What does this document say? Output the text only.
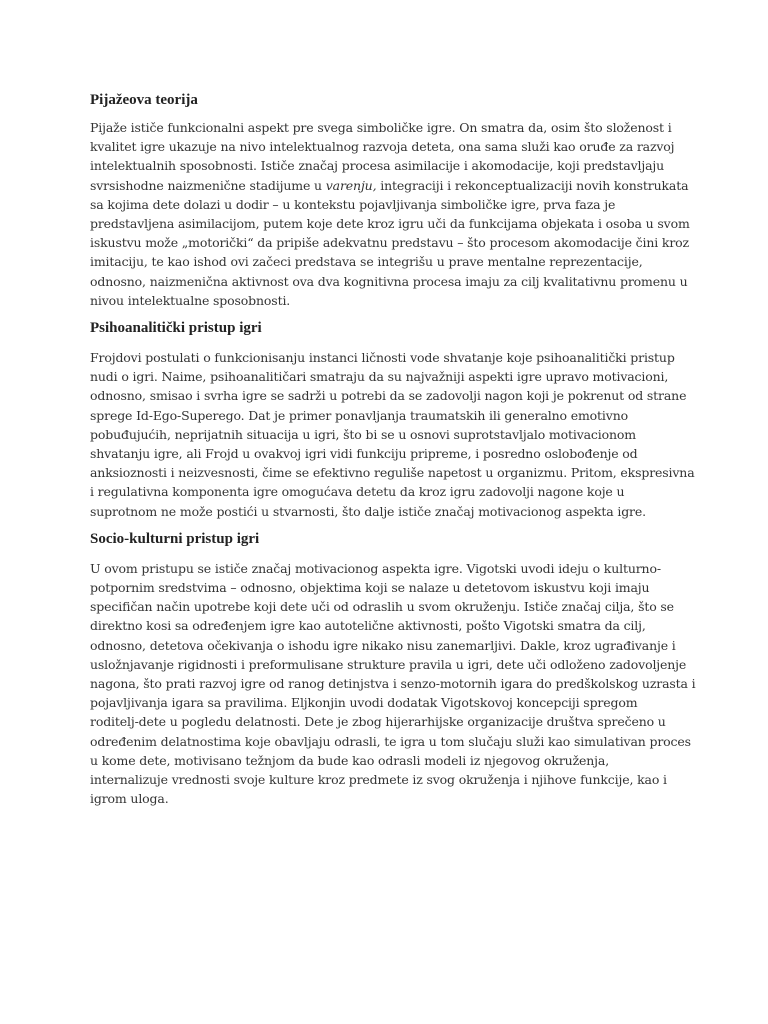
Pijažeova teorija
Pijaže ističe funkcionalni aspekt pre svega simboličke igre. On smatra da, osim što složenost i
kvalitet igre ukazuje na nivo intelektualnog razvoja deteta, ona sama služi kao oruđe za razvoj
intelektualnih sposobnosti. Ističe značaj procesa asimilacije i akomodacije, koji predstavljaju
svrsishodne naizmenične stadijume u varenju, integraciji i rekonceptualizaciji novih konstrukata
sa kojima dete dolazi u dodir – u kontekstu pojavljivanja simboličke igre, prva faza je
predstavljena asimilacijom, putem koje dete kroz igru uči da funkcijama objekata i osoba u svom
iskustvu može „motorički“ da pripiše adekvatnu predstavu – što procesom akomodacije čini kroz
imitaciju, te kao ishod ovi začeci predstava se integrišu u prave mentalne reprezentacije,
odnosno, naizmenična aktivnost ova dva kognitivna procesa imaju za cilj kvalitativnu promenu u
nivou intelektualne sposobnosti.
Psihoanalitički pristup igri
Frojdovi postulati o funkcionisanju instanci ličnosti vode shvatanje koje psihoanalitički pristup
nudi o igri. Naime, psihoanalitičari smatraju da su najvažniji aspekti igre upravo motivacioni,
odnosno, smisao i svrha igre se sadrži u potrebi da se zadovolji nagon koji je pokrenut od strane
sprege Id-Ego-Superego. Dat je primer ponavljanja traumatskih ili generalno emotivno
pobuđujućih, neprijatnih situacija u igri, što bi se u osnovi suprotstavljalo motivacionom
shvatanju igre, ali Frojd u ovakvoj igri vidi funkciju pripreme, i posredno oslobođenje od
anksioznosti i neizvesnosti, čime se efektivno reguliše napetost u organizmu. Pritom, ekspresivna
i regulativna komponenta igre omogućava detetu da kroz igru zadovolji nagone koje u
suprotnom ne može postići u stvarnosti, što dalje ističe značaj motivacionog aspekta igre.
Socio-kulturni pristup igri
U ovom pristupu se ističe značaj motivacionog aspekta igre. Vigotski uvodi ideju o kulturno-
potpornim sredstvima – odnosno, objektima koji se nalaze u detetovom iskustvu koji imaju
specifičan način upotrebe koji dete uči od odraslih u svom okruženju. Ističe značaj cilja, što se
direktno kosi sa određenjem igre kao autotelične aktivnosti, pošto Vigotski smatra da cilj,
odnosno, detetova očekivanja o ishodu igre nikako nisu zanemarljivi. Dakle, kroz ugrađivanje i
usložnjavanje rigidnosti i preformulisane strukture pravila u igri, dete uči odloženo zadovoljenje
nagona, što prati razvoj igre od ranog detinjstva i senzo-motornih igara do predškolskog uzrasta i
pojavljivanja igara sa pravilima. Eljkonjin uvodi dodatak Vigotskovoj koncepciji spregom
roditelj-dete u pogledu delatnosti. Dete je zbog hijerarhijske organizacije društva sprečeno u
određenim delatnostima koje obavljaju odrasli, te igra u tom slučaju služi kao simulativan proces
u kome dete, motivisano težnjom da bude kao odrasli modeli iz njegovog okruženja,
internalizuje vrednosti svoje kulture kroz predmete iz svog okruženja i njihove funkcije, kao i
igrom uloga.
